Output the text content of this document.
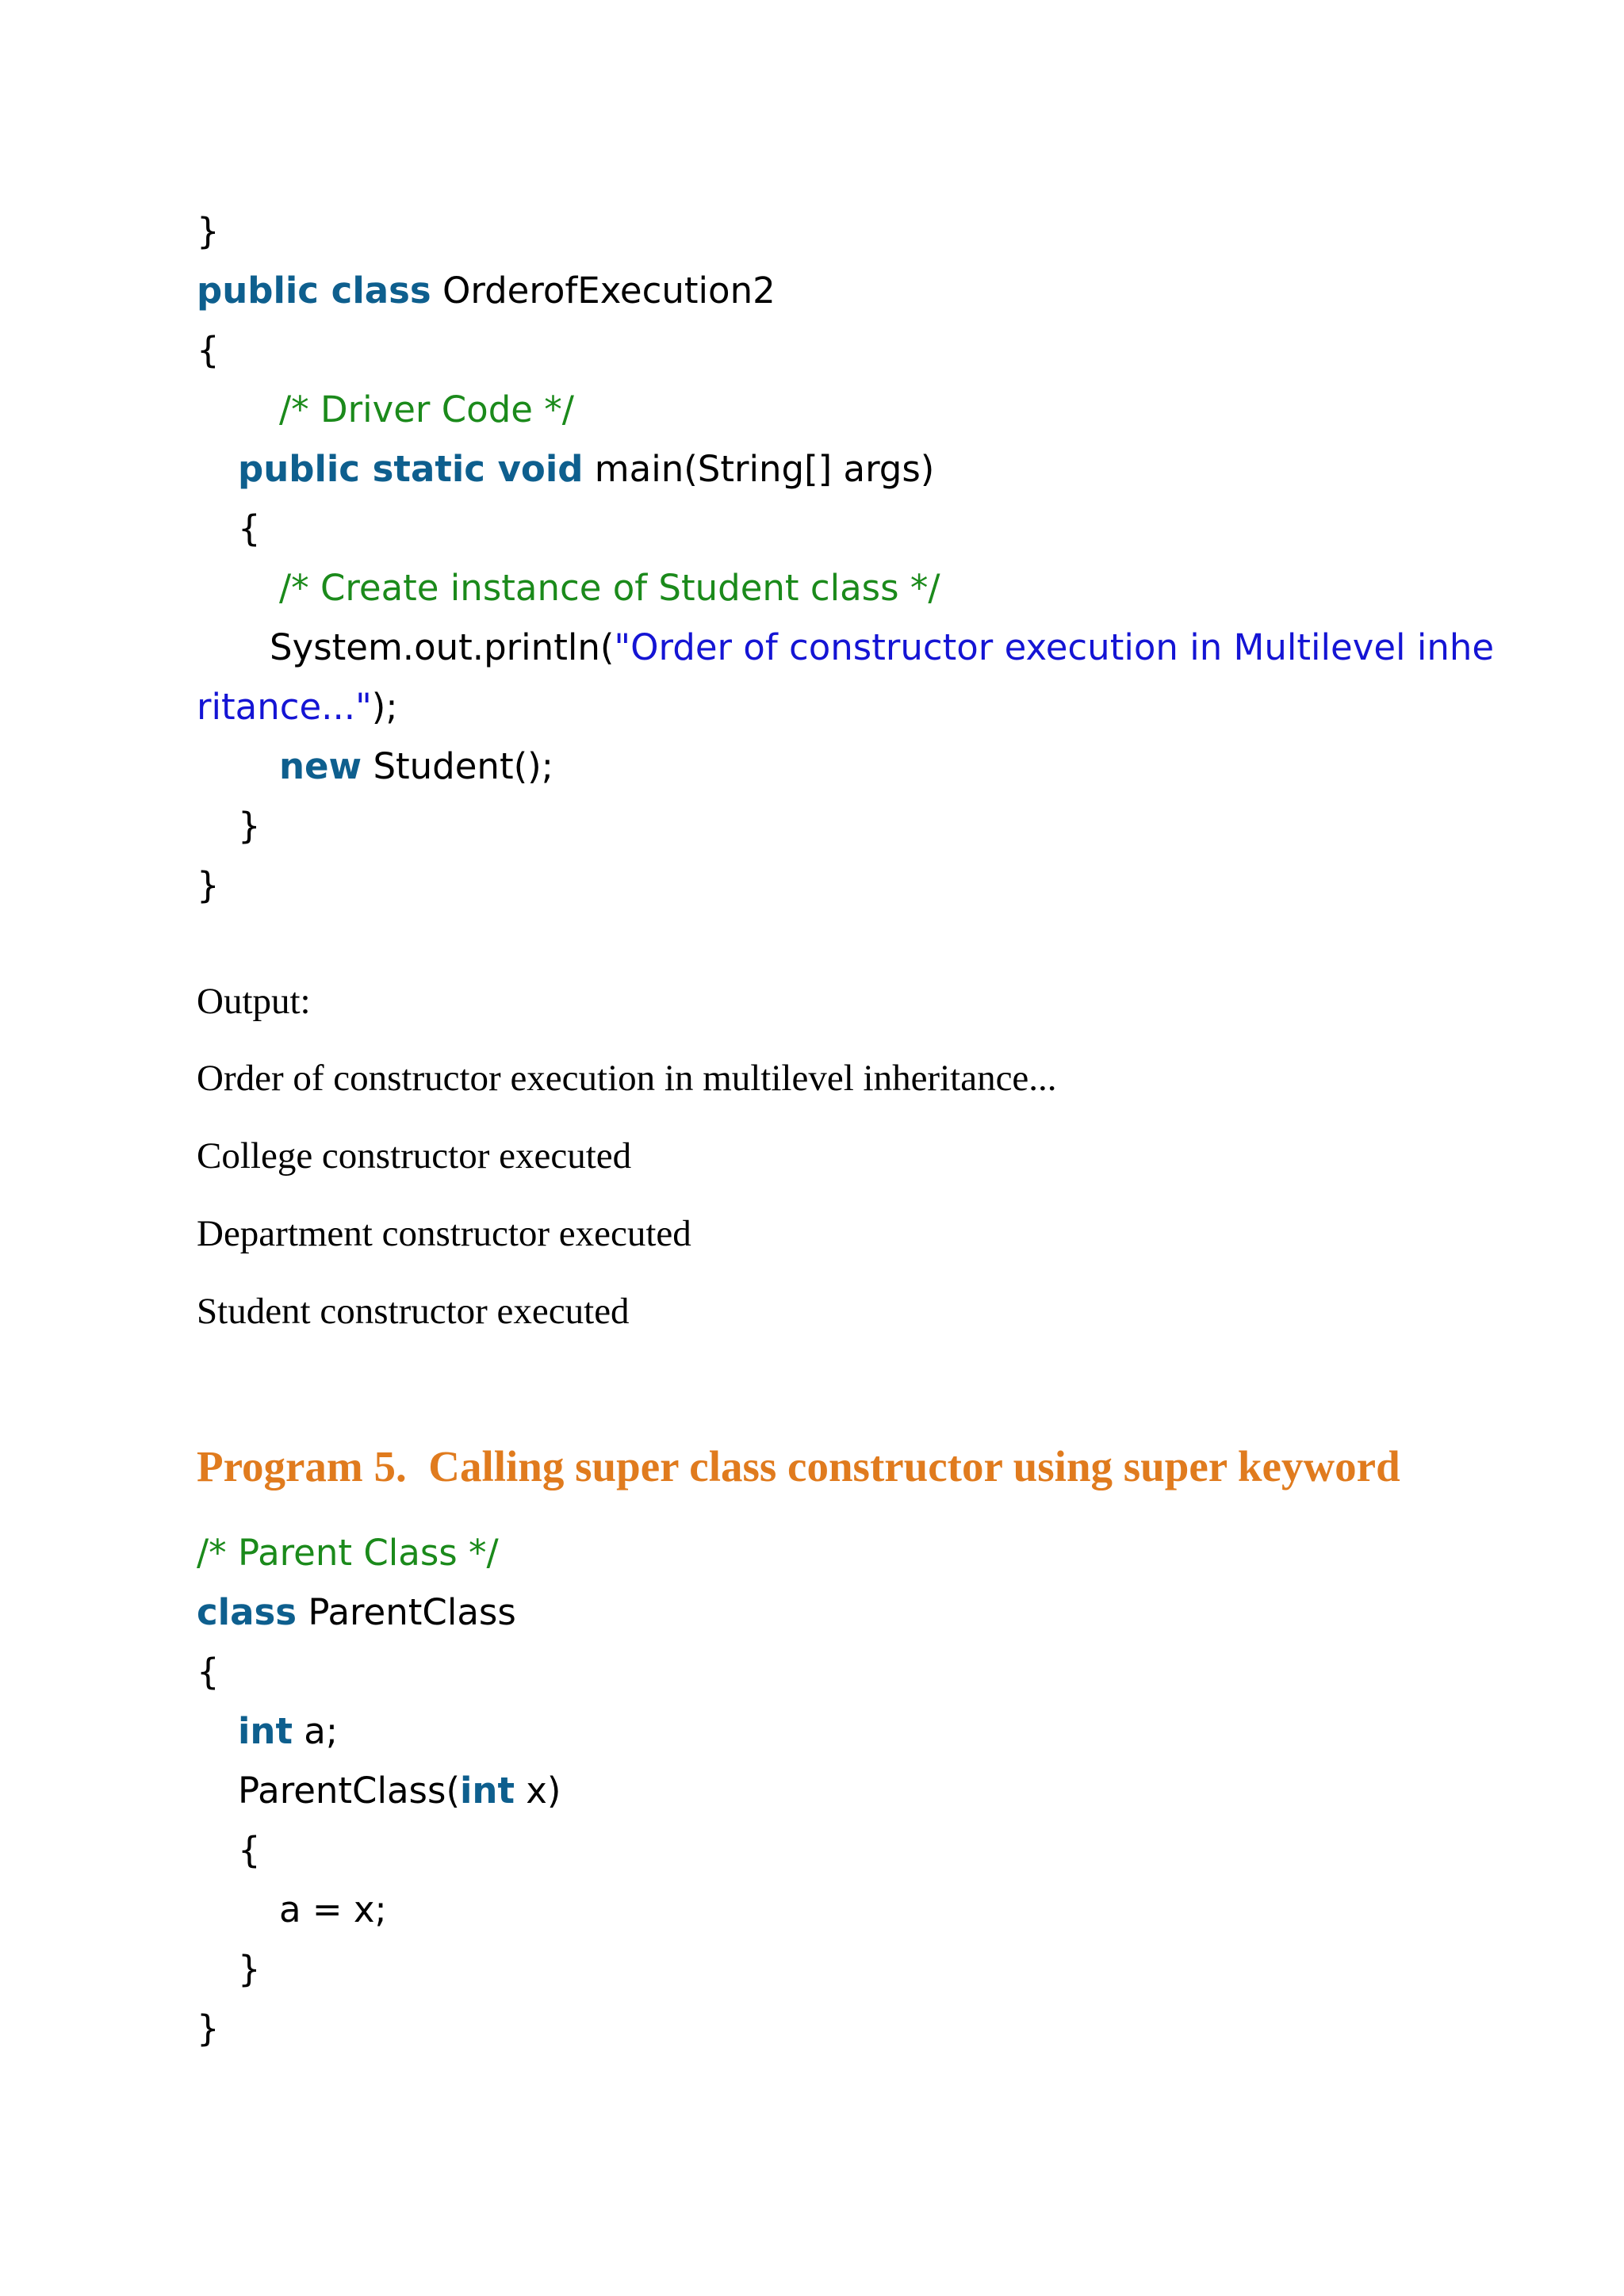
}
public class OrderofExecution2
{
/* Driver Code */
public static void main(String[] args)
{
/* Create instance of Student class */
System.out.println("Order of constructor execution in Multilevel inhe
ritance...");
new Student();
}
}
Output:
Order of constructor execution in multilevel inheritance...
College constructor executed
Department constructor executed
Student constructor executed
Program 5.  Calling super class constructor using super keyword
/* Parent Class */
class ParentClass
{
int a;
ParentClass(int x)
{
a = x;
}
}
